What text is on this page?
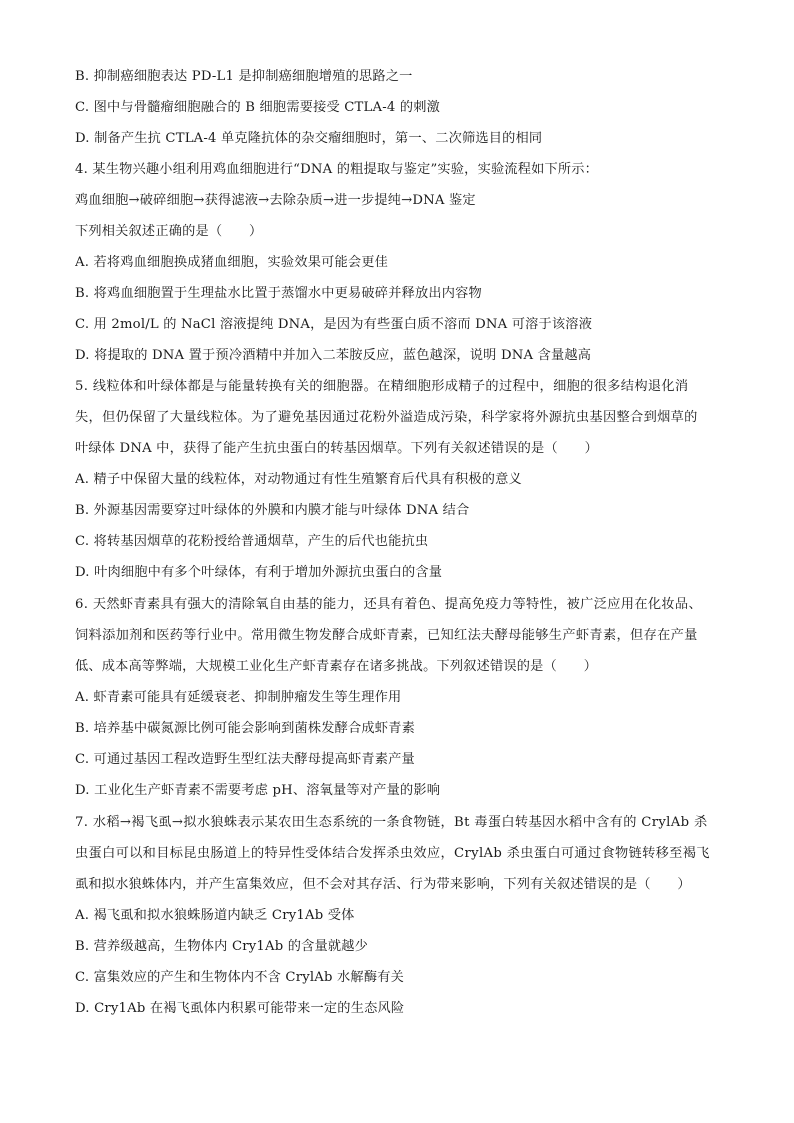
B. 抑制癌细胞表达 PD-L1 是抑制癌细胞增殖的思路之一
C. 图中与骨髓瘤细胞融合的 B 细胞需要接受 CTLA-4 的刺激
D. 制备产生抗 CTLA-4 单克隆抗体的杂交瘤细胞时，第一、二次筛选目的相同
4. 某生物兴趣小组利用鸡血细胞进行“DNA 的粗提取与鉴定”实验，实验流程如下所示：
鸡血细胞→破碎细胞→获得滤液→去除杂质→进一步提纯→DNA 鉴定
下列相关叙述正确的是（　　）
A. 若将鸡血细胞换成猪血细胞，实验效果可能会更佳
B. 将鸡血细胞置于生理盐水比置于蒸馏水中更易破碎并释放出内容物
C. 用 2mol/L 的 NaCl 溶液提纯 DNA，是因为有些蛋白质不溶而 DNA 可溶于该溶液
D. 将提取的 DNA 置于预冷酒精中并加入二苯胺反应，蓝色越深，说明 DNA 含量越高
5. 线粒体和叶绿体都是与能量转换有关的细胞器。在精细胞形成精子的过程中，细胞的很多结构退化消
失，但仍保留了大量线粒体。为了避免基因通过花粉外溢造成污染，科学家将外源抗虫基因整合到烟草的
叶绿体 DNA 中，获得了能产生抗虫蛋白的转基因烟草。下列有关叙述错误的是（　　）
A. 精子中保留大量的线粒体，对动物通过有性生殖繁育后代具有积极的意义
B. 外源基因需要穿过叶绿体的外膜和内膜才能与叶绿体 DNA 结合
C. 将转基因烟草的花粉授给普通烟草，产生的后代也能抗虫
D. 叶肉细胞中有多个叶绿体，有利于增加外源抗虫蛋白的含量
6. 天然虾青素具有强大的清除氧自由基的能力，还具有着色、提高免疫力等特性，被广泛应用在化妆品、
饲料添加剂和医药等行业中。常用微生物发酵合成虾青素，已知红法夫酵母能够生产虾青素，但存在产量
低、成本高等弊端，大规模工业化生产虾青素存在诸多挑战。下列叙述错误的是（　　）
A. 虾青素可能具有延缓衰老、抑制肿瘤发生等生理作用
B. 培养基中碳氮源比例可能会影响到菌株发酵合成虾青素
C. 可通过基因工程改造野生型红法夫酵母提高虾青素产量
D. 工业化生产虾青素不需要考虑 pH、溶氧量等对产量的影响
7. 水稻→褐飞虱→拟水狼蛛表示某农田生态系统的一条食物链，Bt 毒蛋白转基因水稻中含有的 CrylAb 杀
虫蛋白可以和目标昆虫肠道上的特异性受体结合发挥杀虫效应，CrylAb 杀虫蛋白可通过食物链转移至褐飞
虱和拟水狼蛛体内，并产生富集效应，但不会对其存活、行为带来影响，下列有关叙述错误的是（　　）
A. 褐飞虱和拟水狼蛛肠道内缺乏 Cry1Ab 受体
B. 营养级越高，生物体内 Cry1Ab 的含量就越少
C. 富集效应的产生和生物体内不含 CrylAb 水解酶有关
D. Cry1Ab 在褐飞虱体内积累可能带来一定的生态风险
